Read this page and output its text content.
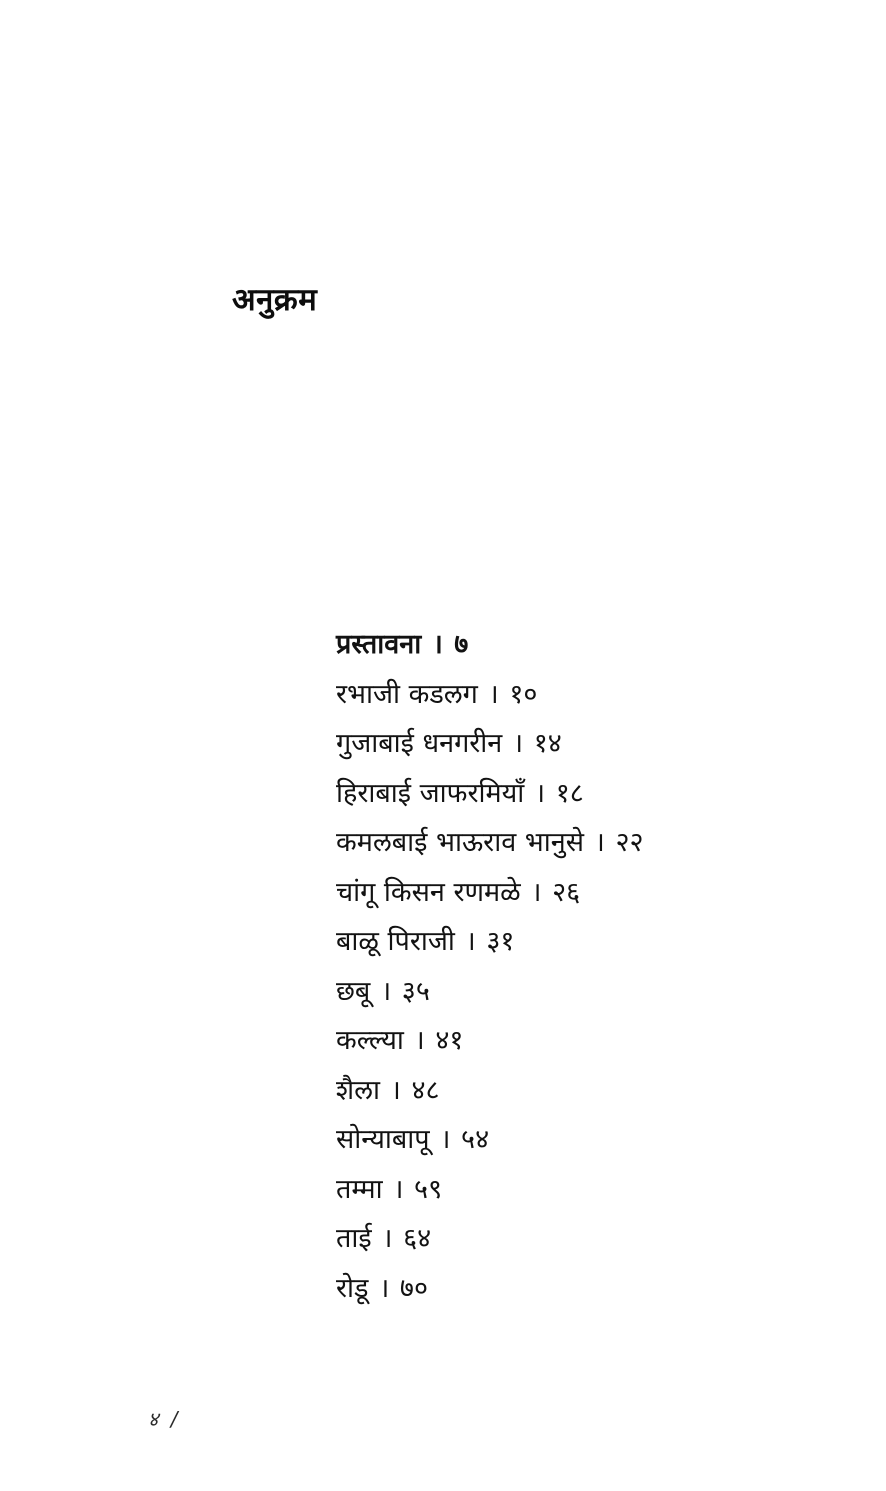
अनुक्रम
प्रस्तावना । ७
रभाजी कडलग । १०
गुजाबाई धनगरीन । १४
हिराबाई जाफरमियाँ । १८
कमलबाई भाऊराव भानुसे । २२
चांगू किसन रणमळे । २६
बाळू पिराजी । ३१
छबू । ३५
कल्ल्या । ४१
शैला । ४८
सोन्याबापू । ५४
तम्मा । ५९
ताई । ६४
रोडू । ७०
४ /
